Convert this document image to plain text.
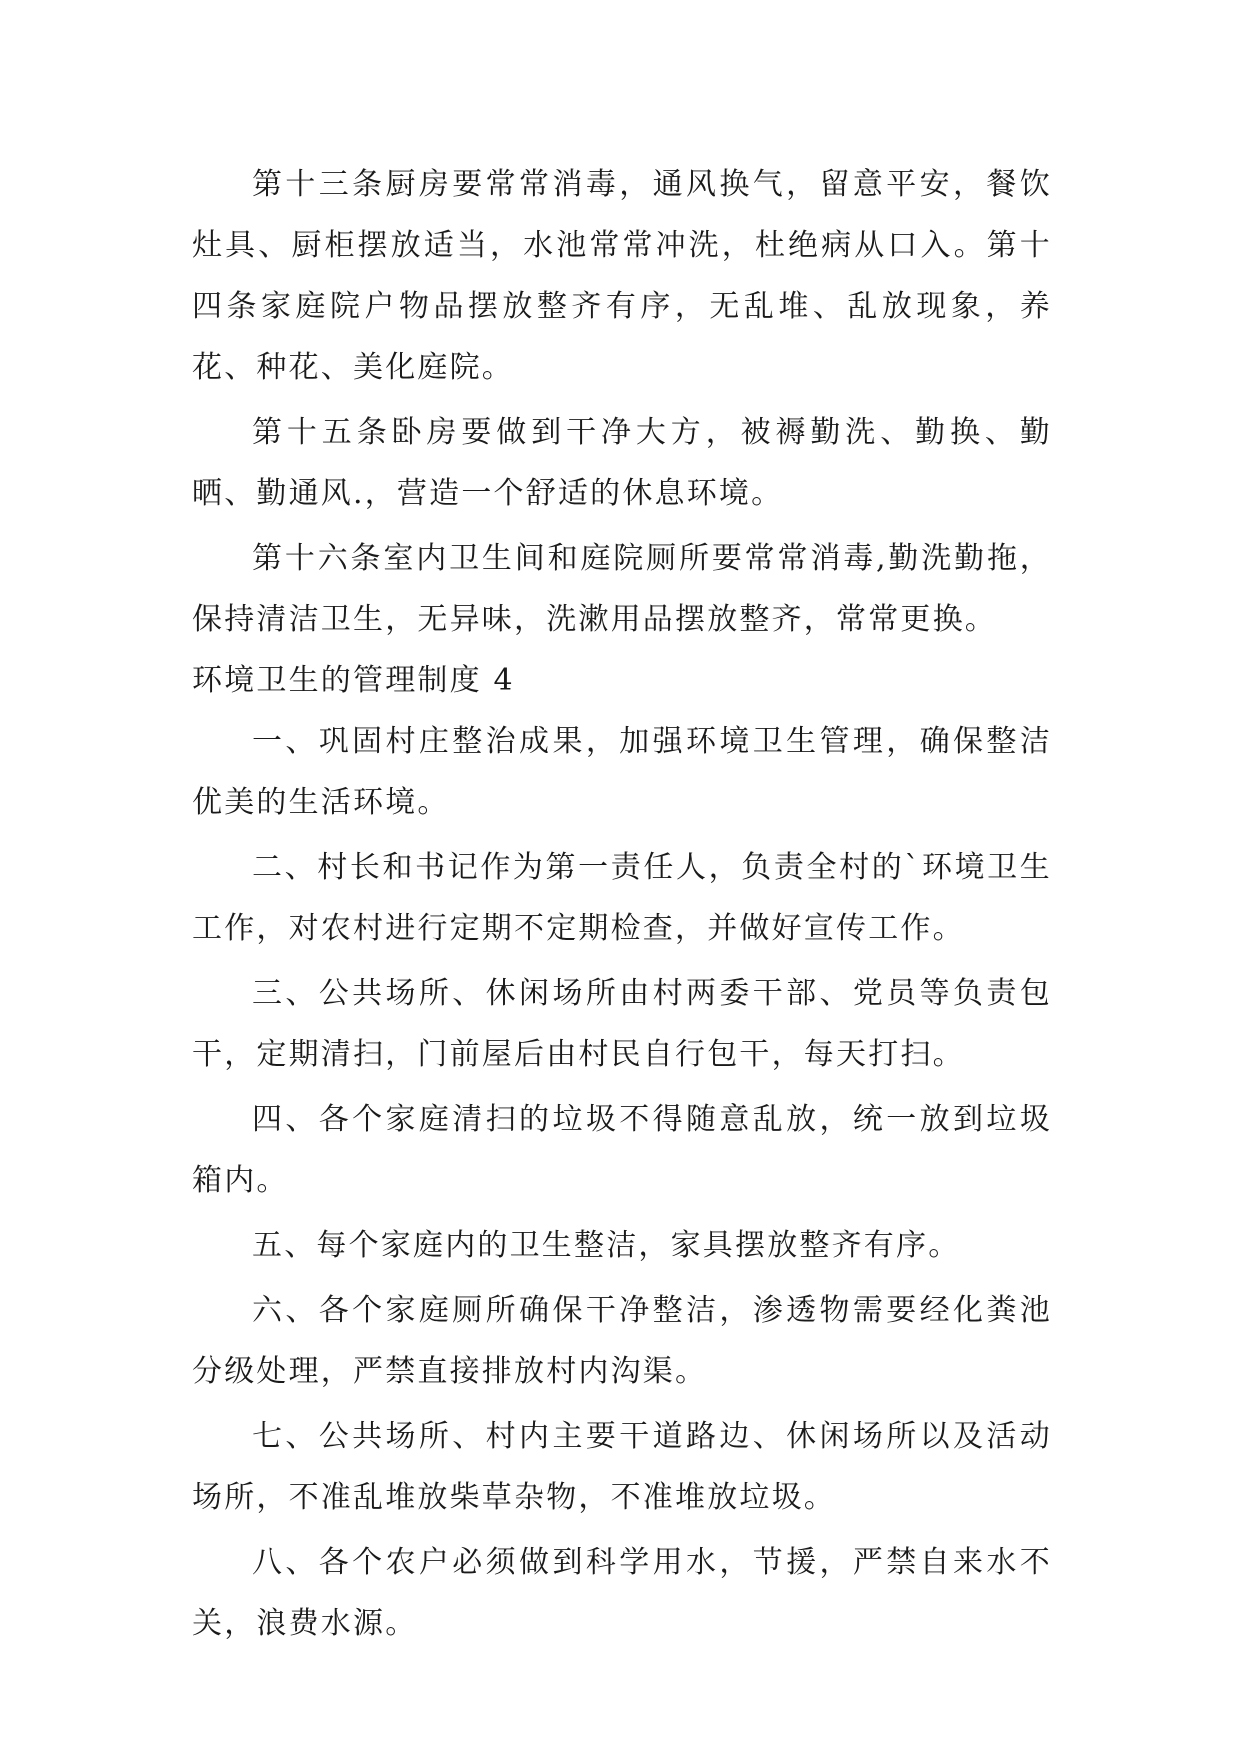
第十三条厨房要常常消毒，通风换气，留意平安，餐饮灶具、厨柜摆放适当，水池常常冲洗，杜绝病从口入。第十四条家庭院户物品摆放整齐有序，无乱堆、乱放现象，养花、种花、美化庭院。

第十五条卧房要做到干净大方，被褥勤洗、勤换、勤晒、勤通风.，营造一个舒适的休息环境。

第十六条室内卫生间和庭院厕所要常常消毒,勤洗勤拖，保持清洁卫生，无异味，洗漱用品摆放整齐，常常更换。

环境卫生的管理制度 4

一、巩固村庄整治成果，加强环境卫生管理，确保整洁优美的生活环境。

二、村长和书记作为第一责任人，负责全村的`环境卫生工作，对农村进行定期不定期检查，并做好宣传工作。

三、公共场所、休闲场所由村两委干部、党员等负责包干，定期清扫，门前屋后由村民自行包干，每天打扫。

四、各个家庭清扫的垃圾不得随意乱放，统一放到垃圾箱内。

五、每个家庭内的卫生整洁，家具摆放整齐有序。

六、各个家庭厕所确保干净整洁，渗透物需要经化粪池分级处理，严禁直接排放村内沟渠。

七、公共场所、村内主要干道路边、休闲场所以及活动场所，不准乱堆放柴草杂物，不准堆放垃圾。

八、各个农户必须做到科学用水，节援，严禁自来水不关，浪费水源。
